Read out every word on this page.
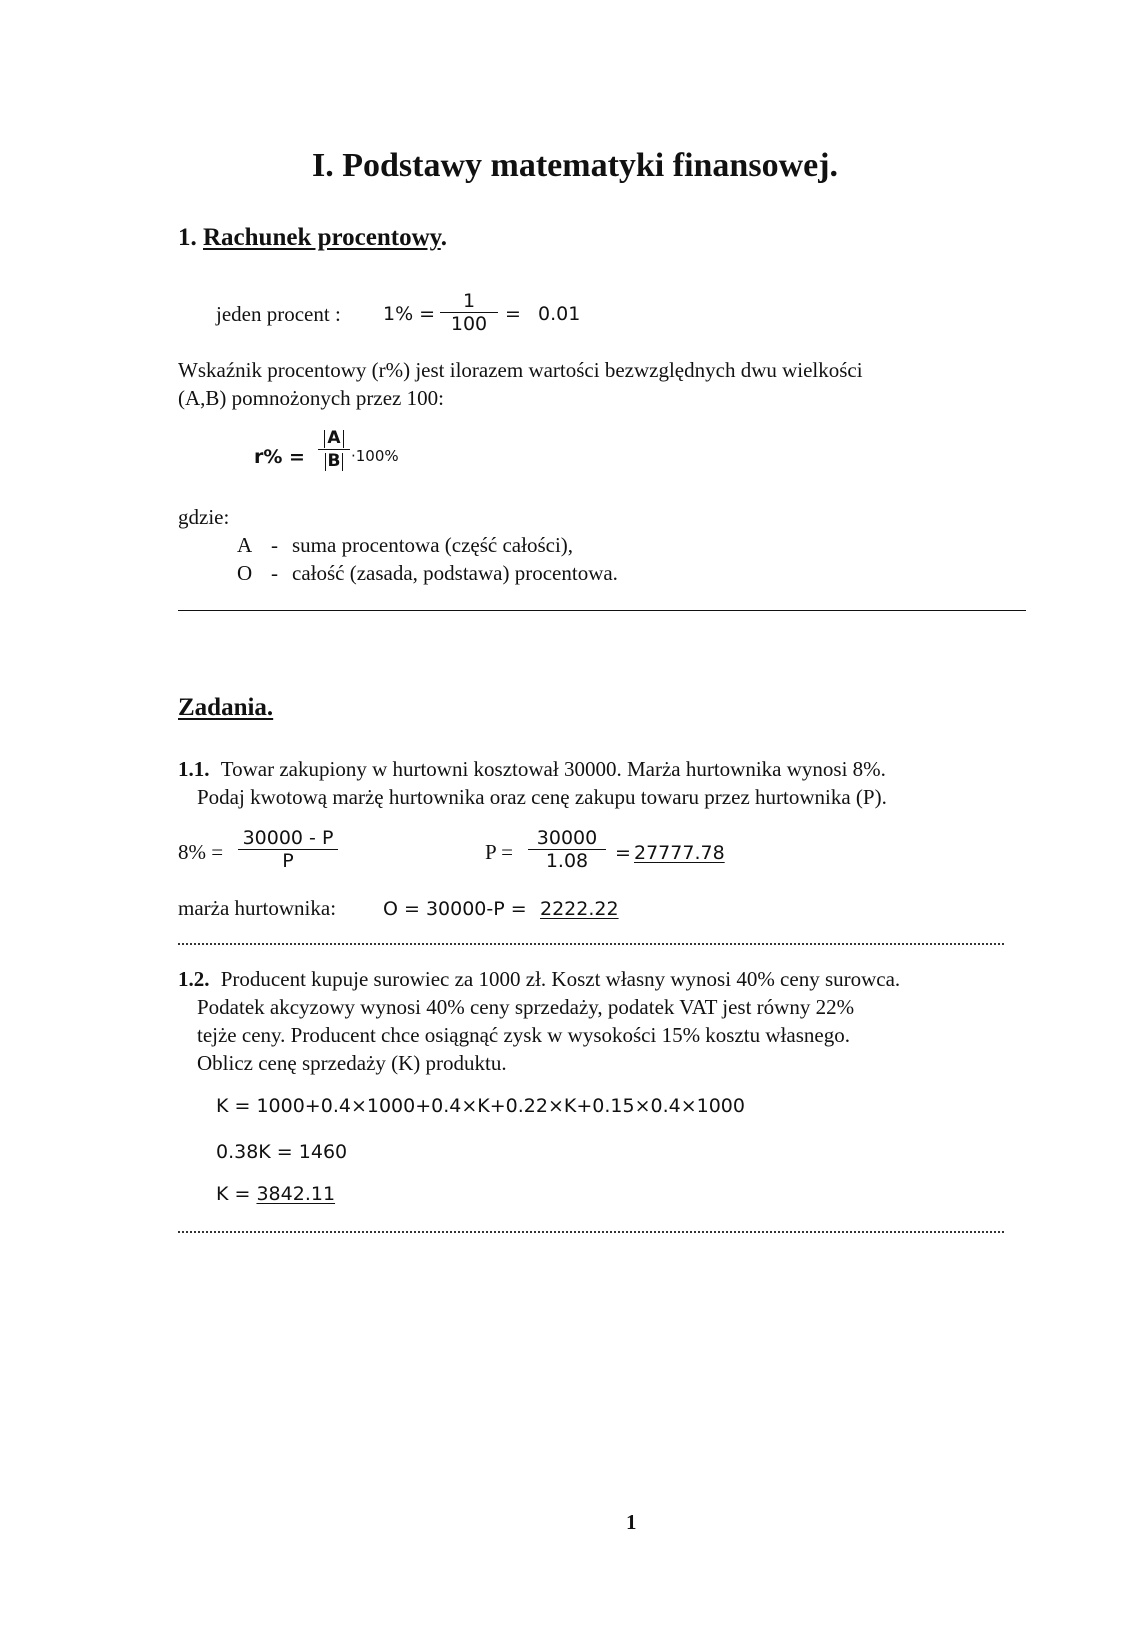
I. Podstawy matematyki finansowej.
1. Rachunek procentowy.
jeden procent : $1\% = \frac{1}{100} = 0.01$
Wskaźnik procentowy (r%) jest ilorazem wartości bezwzględnych dwu wielkości
(A,B) pomnożonych przez 100:
$r\% = \frac{A}{B} \cdot 100\%$
gdzie:
A - suma procentowa (część całości),
O - całość (zasada, podstawa) procentowa.
Zadania.
1.1. Towar zakupiony w hurtowni kosztował 30000. Marża hurtownika wynosi 8%.
Podaj kwotową marżę hurtownika oraz cenę zakupu towaru przez hurtownika (P).
$8\% = \frac{30000 - P}{P}$	$P = \frac{30000}{1.08} = 27777.78$
marża hurtownika: O = 30000-P = 2222.22
1.2. Producent kupuje surowiec za 1000 zł. Koszt własny wynosi 40% ceny surowca.
Podatek akcyzowy wynosi 40% ceny sprzedaży, podatek VAT jest równy 22%
tejże ceny. Producent chce osiągnąć zysk w wysokości 15% kosztu własnego.
Oblicz cenę sprzedaży (K) produktu.
K = 1000+0.4×1000+0.4×K+0.22×K+0.15×0.4×1000
0.38K = 1460
K = 3842.11
1
